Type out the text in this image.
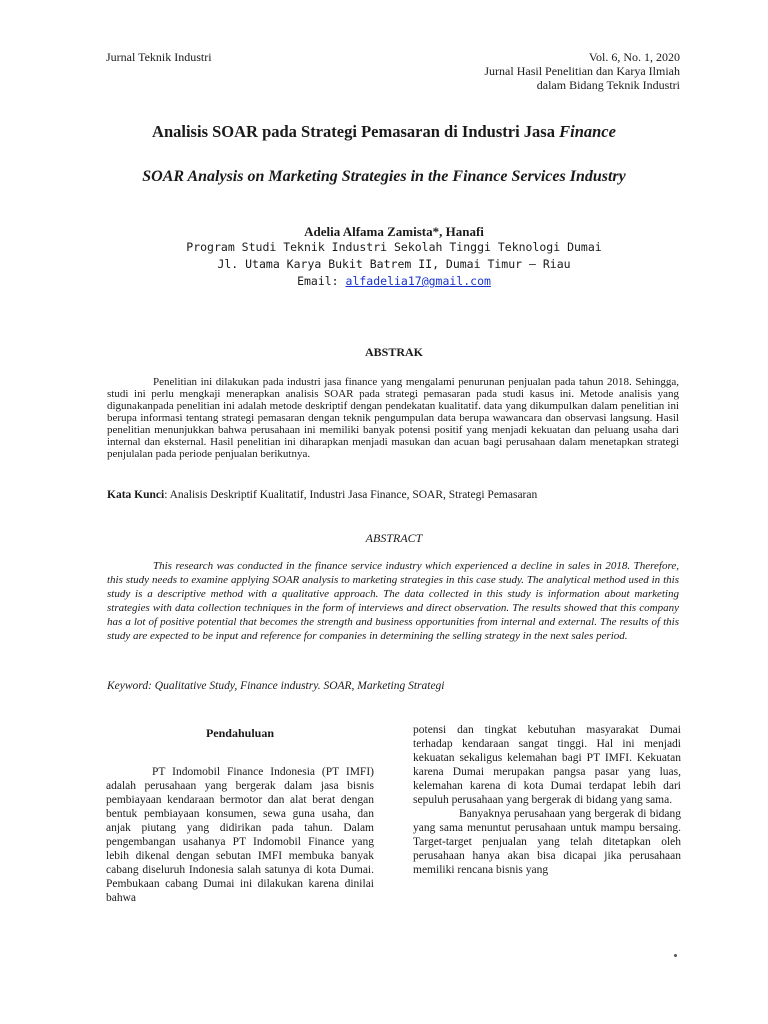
Jurnal Teknik Industri	Vol. 6, No. 1, 2020
Jurnal Hasil Penelitian dan Karya Ilmiah
dalam Bidang Teknik Industri
Analisis SOAR pada Strategi Pemasaran di Industri Jasa Finance
SOAR Analysis on Marketing Strategies in the Finance Services Industry
Adelia Alfama Zamista*, Hanafi
Program Studi Teknik Industri Sekolah Tinggi Teknologi Dumai
Jl. Utama Karya Bukit Batrem II, Dumai Timur – Riau
Email: alfadelia17@gmail.com
ABSTRAK

Penelitian ini dilakukan pada industri jasa finance yang mengalami penurunan penjualan pada tahun 2018. Sehingga, studi ini perlu mengkaji menerapkan analisis SOAR pada strategi pemasaran pada studi kasus ini. Metode analisis yang digunakanpada penelitian ini adalah metode deskriptif dengan pendekatan kualitatif. data yang dikumpulkan dalam penelitian ini berupa informasi tentang strategi pemasaran dengan teknik pengumpulan data berupa wawancara dan observasi langsung. Hasil penelitian menunjukkan bahwa perusahaan ini memiliki banyak potensi positif yang menjadi kekuatan dan peluang usaha dari internal dan eksternal. Hasil penelitian ini diharapkan menjadi masukan dan acuan bagi perusahaan dalam menetapkan strategi penjulalan pada periode penjualan berikutnya.

Kata Kunci: Analisis Deskriptif Kualitatif, Industri Jasa Finance, SOAR, Strategi Pemasaran
ABSTRACT

This research was conducted in the finance service industry which experienced a decline in sales in 2018. Therefore, this study needs to examine applying SOAR analysis to marketing strategies in this case study. The analytical method used in this study is a descriptive method with a qualitative approach. The data collected in this study is information about marketing strategies with data collection techniques in the form of interviews and direct observation. The results showed that this company has a lot of positive potential that becomes the strength and business opportunities from internal and external. The results of this study are expected to be input and reference for companies in determining the selling strategy in the next sales period.

Keyword: Qualitative Study, Finance industry. SOAR, Marketing Strategi
Pendahuluan

PT Indomobil Finance Indonesia (PT IMFI) adalah perusahaan yang bergerak dalam jasa bisnis pembiayaan kendaraan bermotor dan alat berat dengan bentuk pembiayaan konsumen, sewa guna usaha, dan anjak piutang yang didirikan pada tahun. Dalam pengembangan usahanya PT Indomobil Finance yang lebih dikenal dengan sebutan IMFI membuka banyak cabang diseluruh Indonesia salah satunya di kota Dumai. Pembukaan cabang Dumai ini dilakukan karena dinilai bahwa

potensi dan tingkat kebutuhan masyarakat Dumai terhadap kendaraan sangat tinggi. Hal ini menjadi kekuatan sekaligus kelemahan bagi PT IMFI. Kekuatan karena Dumai merupakan pangsa pasar yang luas, kelemahan karena di kota Dumai terdapat lebih dari sepuluh perusahaan yang bergerak di bidang yang sama.

Banyaknya perusahaan yang bergerak di bidang yang sama menuntut perusahaan untuk mampu bersaing. Target-target penjualan yang telah ditetapkan oleh perusahaan hanya akan bisa dicapai jika perusahaan memiliki rencana bisnis yang
